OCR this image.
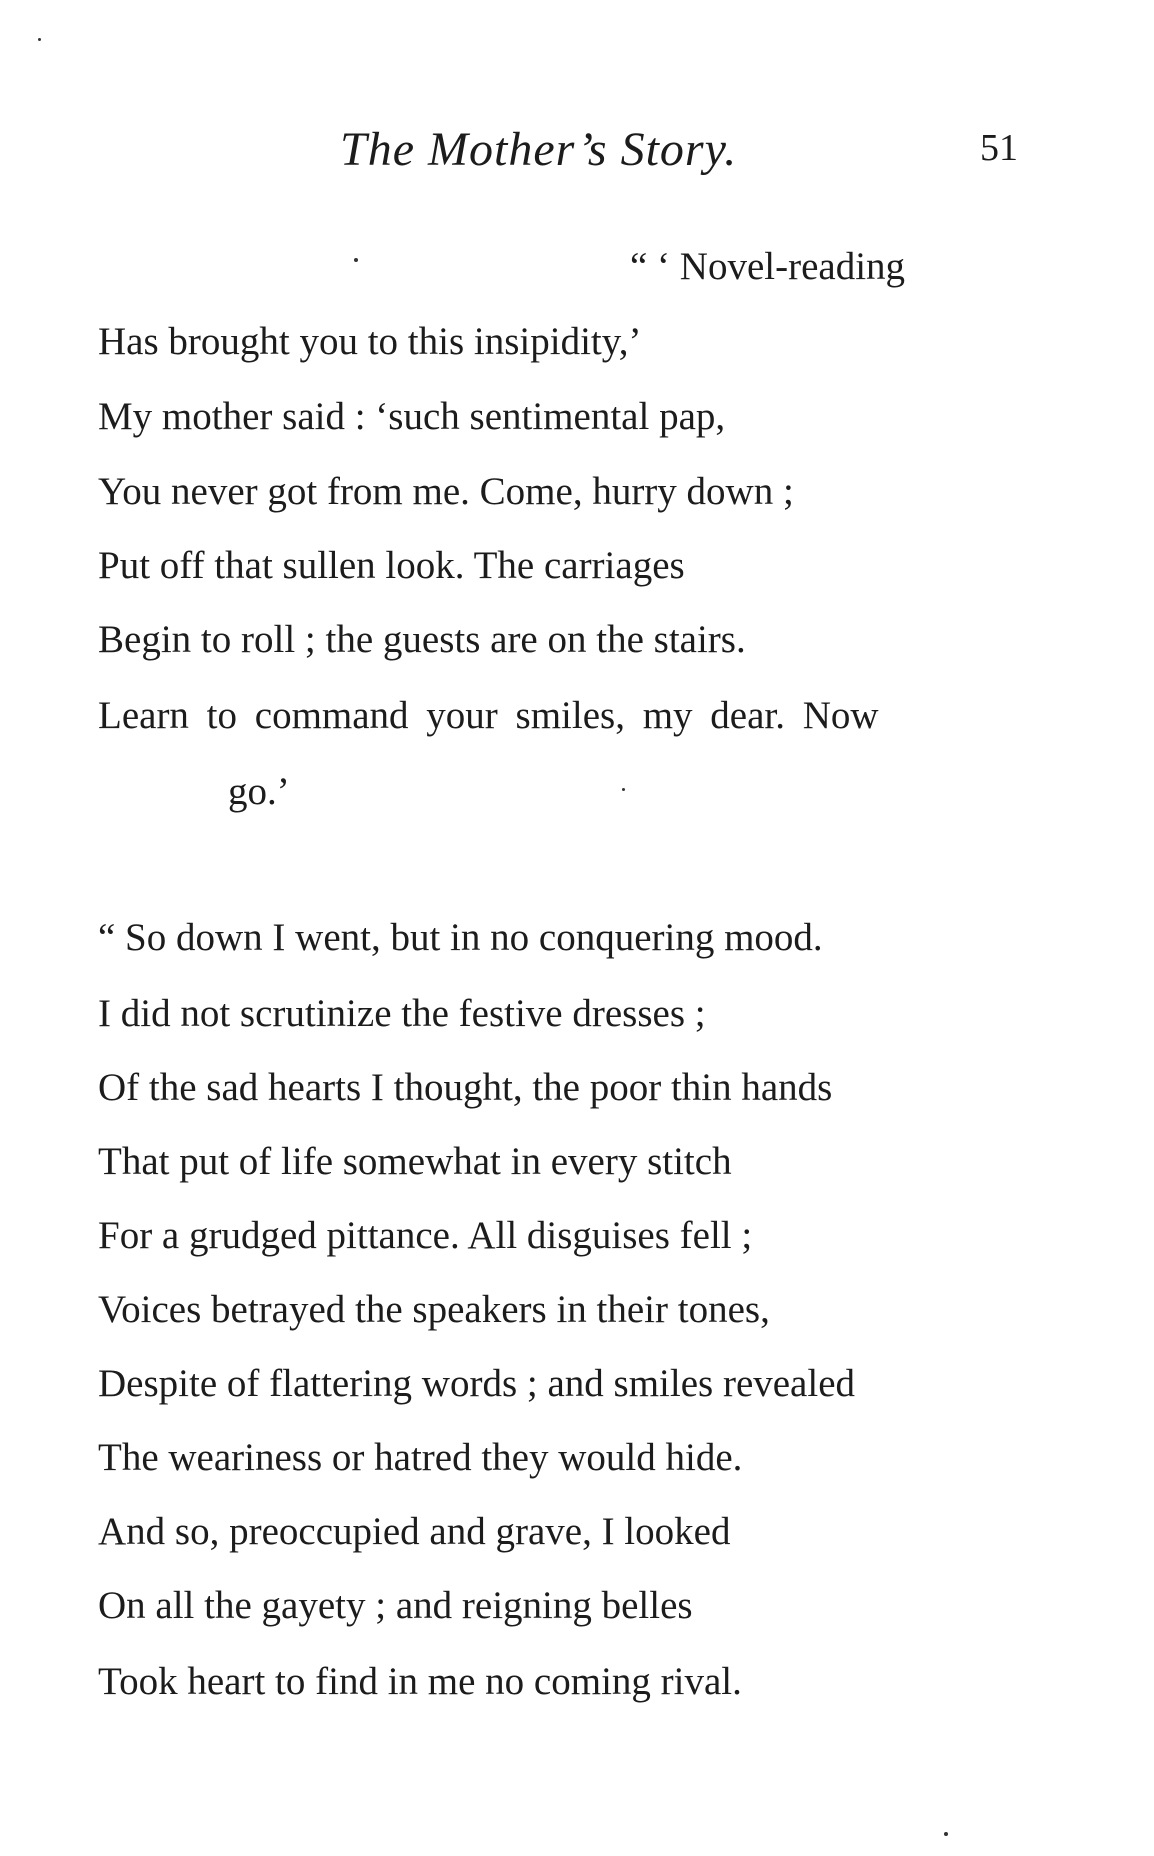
The Mother’s Story.	51
“ ‘ Novel-reading
Has brought you to this insipidity,’
My mother said : ‘such sentimental pap,
You never got from me. Come, hurry down ;
Put off that sullen look. The carriages
Begin to roll ; the guests are on the stairs.
Learn to command your smiles, my dear. Now
go.’
“ So down I went, but in no conquering mood.
I did not scrutinize the festive dresses ;
Of the sad hearts I thought, the poor thin hands
That put of life somewhat in every stitch
For a grudged pittance. All disguises fell ;
Voices betrayed the speakers in their tones,
Despite of flattering words ; and smiles revealed
The weariness or hatred they would hide.
And so, preoccupied and grave, I looked
On all the gayety ; and reigning belles
Took heart to find in me no coming rival.
